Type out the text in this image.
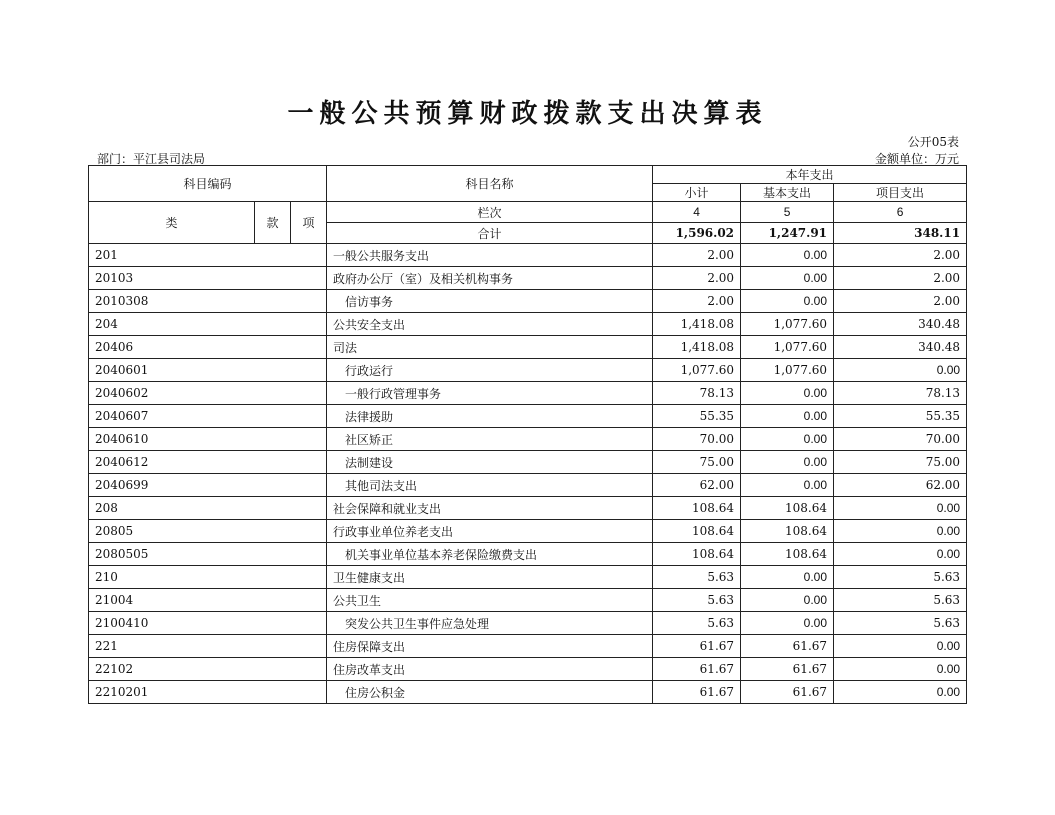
一般公共预算财政拨款支出决算表
公开05表
部门：平江县司法局	金额单位：万元
科目编码			科目名称	本年支出		
				小计	基本支出	项目支出
类	款	项	栏次	4	5	6
			合计	1,596.02	1,247.91	348.11
201			一般公共服务支出	2.00	0.00	2.00
20103			政府办公厅（室）及相关机构事务	2.00	0.00	2.00
2010308			信访事务	2.00	0.00	2.00
204			公共安全支出	1,418.08	1,077.60	340.48
20406			司法	1,418.08	1,077.60	340.48
2040601			行政运行	1,077.60	1,077.60	0.00
2040602			一般行政管理事务	78.13	0.00	78.13
2040607			法律援助	55.35	0.00	55.35
2040610			社区矫正	70.00	0.00	70.00
2040612			法制建设	75.00	0.00	75.00
2040699			其他司法支出	62.00	0.00	62.00
208			社会保障和就业支出	108.64	108.64	0.00
20805			行政事业单位养老支出	108.64	108.64	0.00
2080505			机关事业单位基本养老保险缴费支出	108.64	108.64	0.00
210			卫生健康支出	5.63	0.00	5.63
21004			公共卫生	5.63	0.00	5.63
2100410			突发公共卫生事件应急处理	5.63	0.00	5.63
221			住房保障支出	61.67	61.67	0.00
22102			住房改革支出	61.67	61.67	0.00
2210201			住房公积金	61.67	61.67	0.00
